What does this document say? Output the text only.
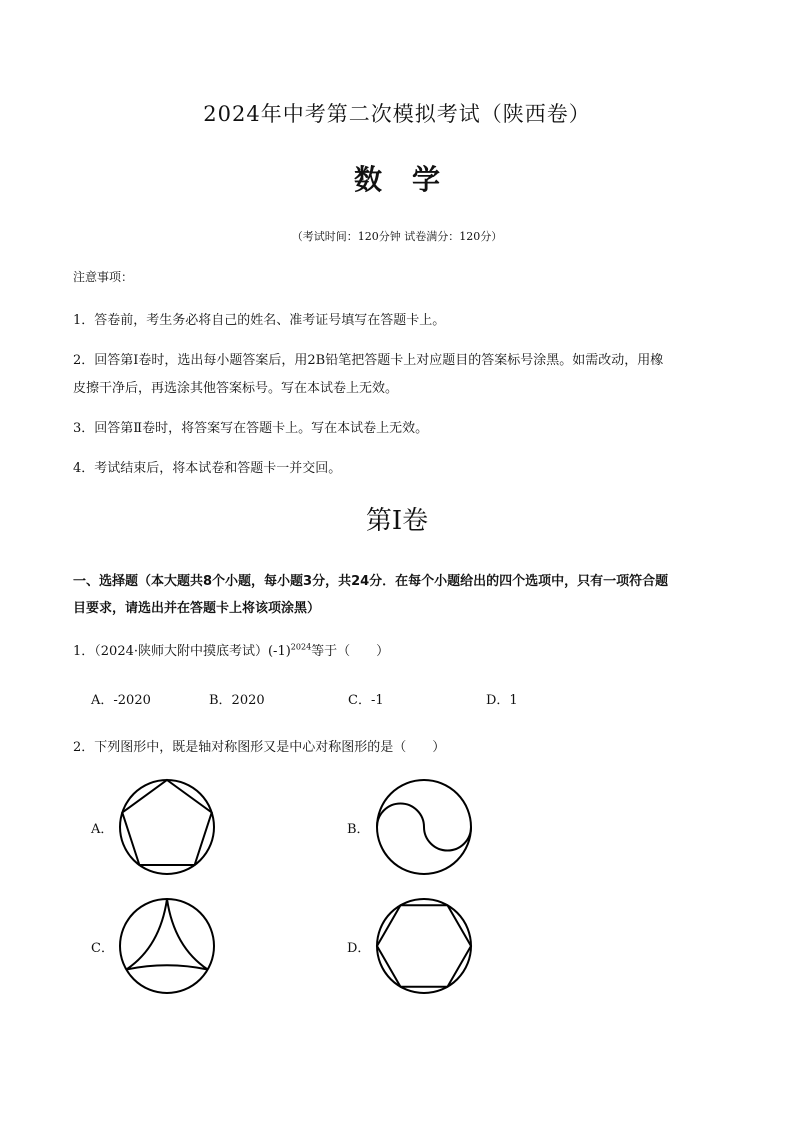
2024年中考第二次模拟考试（陕西卷）
数学
（考试时间：120分钟 试卷满分：120分）
注意事项：
1．答卷前，考生务必将自己的姓名、准考证号填写在答题卡上。
2．回答第Ⅰ卷时，选出每小题答案后，用2B铅笔把答题卡上对应题目的答案标号涂黑。如需改动，用橡
皮擦干净后，再选涂其他答案标号。写在本试卷上无效。
3．回答第Ⅱ卷时，将答案写在答题卡上。写在本试卷上无效。
4．考试结束后，将本试卷和答题卡一并交回。
第Ⅰ卷
一、选择题（本大题共8个小题，每小题3分，共24分．在每个小题给出的四个选项中，只有一项符合题
目要求，请选出并在答题卡上将该项涂黑）
1．（2024·陕师大附中摸底考试）$(-1)^{2024}$等于（　　）
A．-2020	B．2020	C．-1	D．1
2．下列图形中，既是轴对称图形又是中心对称图形的是（　　）
A．	B．
C．	D．
